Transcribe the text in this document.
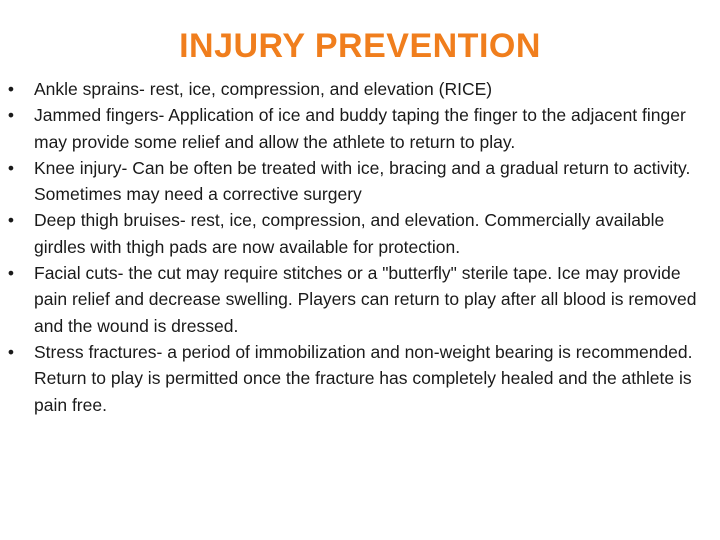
INJURY PREVENTION
• Ankle sprains- rest, ice, compression, and elevation (RICE)
• Jammed fingers- Application of ice and buddy taping the finger to the adjacent finger may provide some relief and allow the athlete to return to play.
• Knee injury- Can be often be treated with ice, bracing and a gradual return to activity. Sometimes may need a corrective surgery
• Deep thigh bruises- rest, ice, compression, and elevation. Commercially available girdles with thigh pads are now available for protection.
• Facial cuts- the cut may require stitches or a "butterfly" sterile tape. Ice may provide pain relief and decrease swelling. Players can return to play after all blood is removed and the wound is dressed.
• Stress fractures- a period of immobilization and non-weight bearing is recommended. Return to play is permitted once the fracture has completely healed and the athlete is pain free.
